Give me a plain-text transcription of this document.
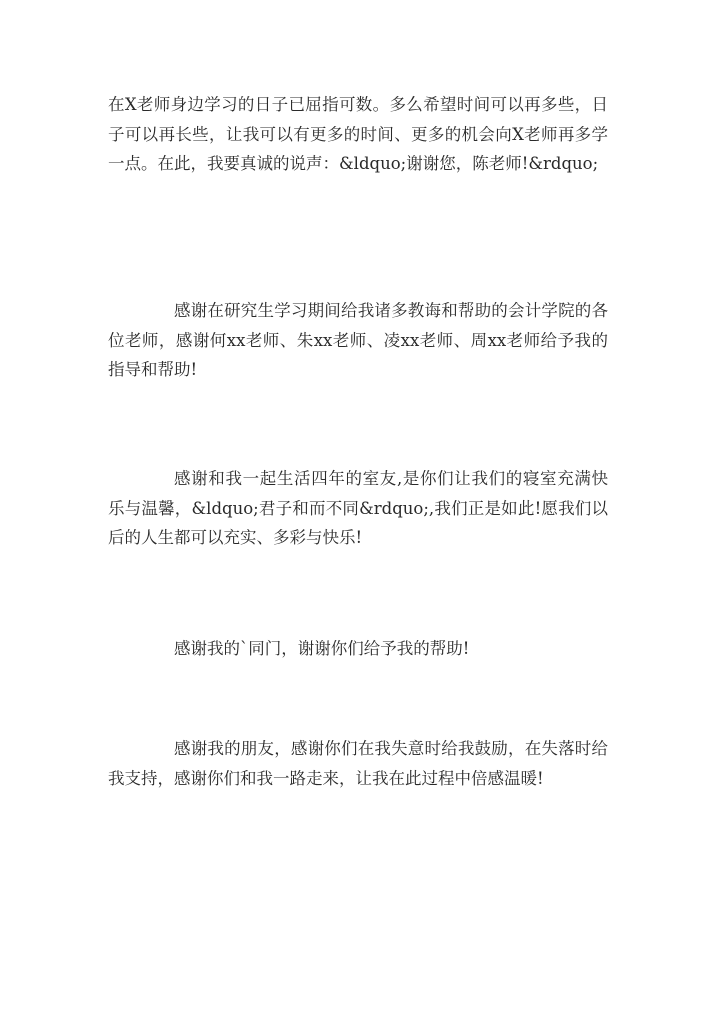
在X老师身边学习的日子已屈指可数。多么希望时间可以再多些，日子可以再长些，让我可以有更多的时间、更多的机会向X老师再多学一点。在此，我要真诚的说声：&ldquo;谢谢您，陈老师!&rdquo;

感谢在研究生学习期间给我诸多教诲和帮助的会计学院的各位老师，感谢何xx老师、朱xx老师、凌xx老师、周xx老师给予我的指导和帮助!

感谢和我一起生活四年的室友,是你们让我们的寝室充满快乐与温馨，&ldquo;君子和而不同&rdquo;,我们正是如此!愿我们以后的人生都可以充实、多彩与快乐!

感谢我的`同门，谢谢你们给予我的帮助!

感谢我的朋友，感谢你们在我失意时给我鼓励，在失落时给我支持，感谢你们和我一路走来，让我在此过程中倍感温暖!
